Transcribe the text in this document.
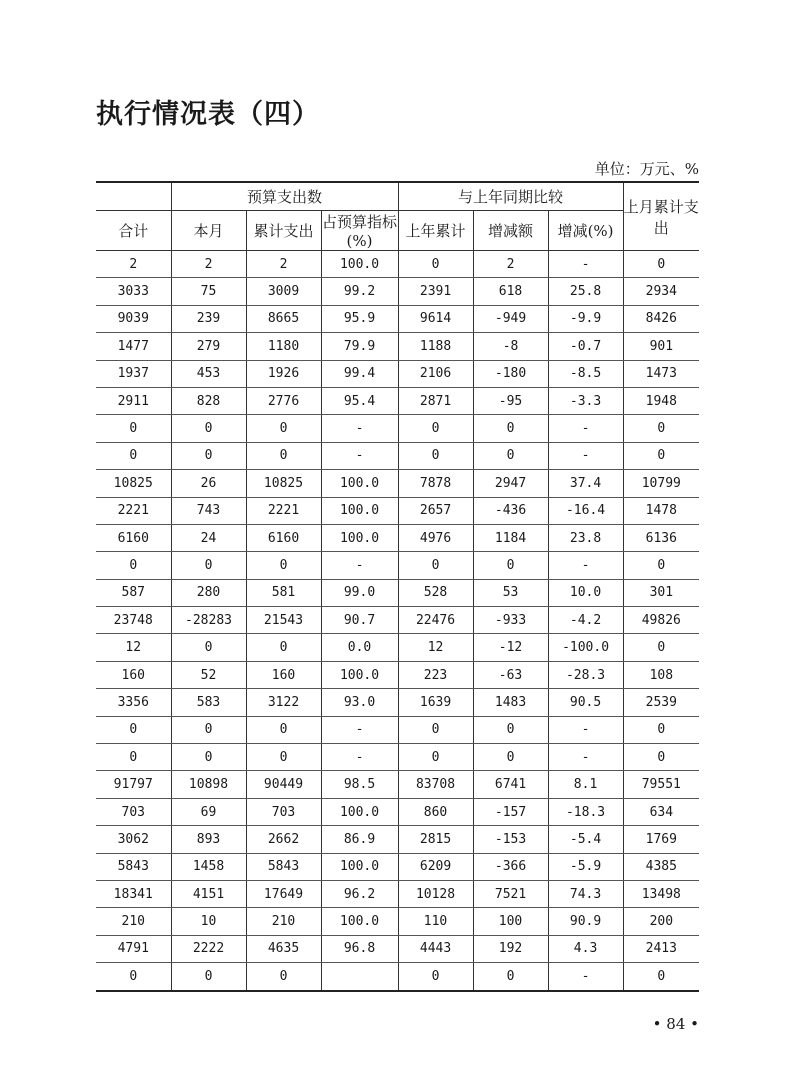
执行情况表（四）
单位：万元、%
	预算支出数			与上年同期比较			上月累计支出
合计	本月	累计支出	占预算指标(%)	上年累计	增减额	增减(%)	
2	2	2	100.0	0	2	-	0
3033	75	3009	99.2	2391	618	25.8	2934
9039	239	8665	95.9	9614	-949	-9.9	8426
1477	279	1180	79.9	1188	-8	-0.7	901
1937	453	1926	99.4	2106	-180	-8.5	1473
2911	828	2776	95.4	2871	-95	-3.3	1948
0	0	0	-	0	0	-	0
0	0	0	-	0	0	-	0
10825	26	10825	100.0	7878	2947	37.4	10799
2221	743	2221	100.0	2657	-436	-16.4	1478
6160	24	6160	100.0	4976	1184	23.8	6136
0	0	0	-	0	0	-	0
587	280	581	99.0	528	53	10.0	301
23748	-28283	21543	90.7	22476	-933	-4.2	49826
12	0	0	0.0	12	-12	-100.0	0
160	52	160	100.0	223	-63	-28.3	108
3356	583	3122	93.0	1639	1483	90.5	2539
0	0	0	-	0	0	-	0
0	0	0	-	0	0	-	0
91797	10898	90449	98.5	83708	6741	8.1	79551
703	69	703	100.0	860	-157	-18.3	634
3062	893	2662	86.9	2815	-153	-5.4	1769
5843	1458	5843	100.0	6209	-366	-5.9	4385
18341	4151	17649	96.2	10128	7521	74.3	13498
210	10	210	100.0	110	100	90.9	200
4791	2222	4635	96.8	4443	192	4.3	2413
0	0	0		0	0	-	0
• 84 •
